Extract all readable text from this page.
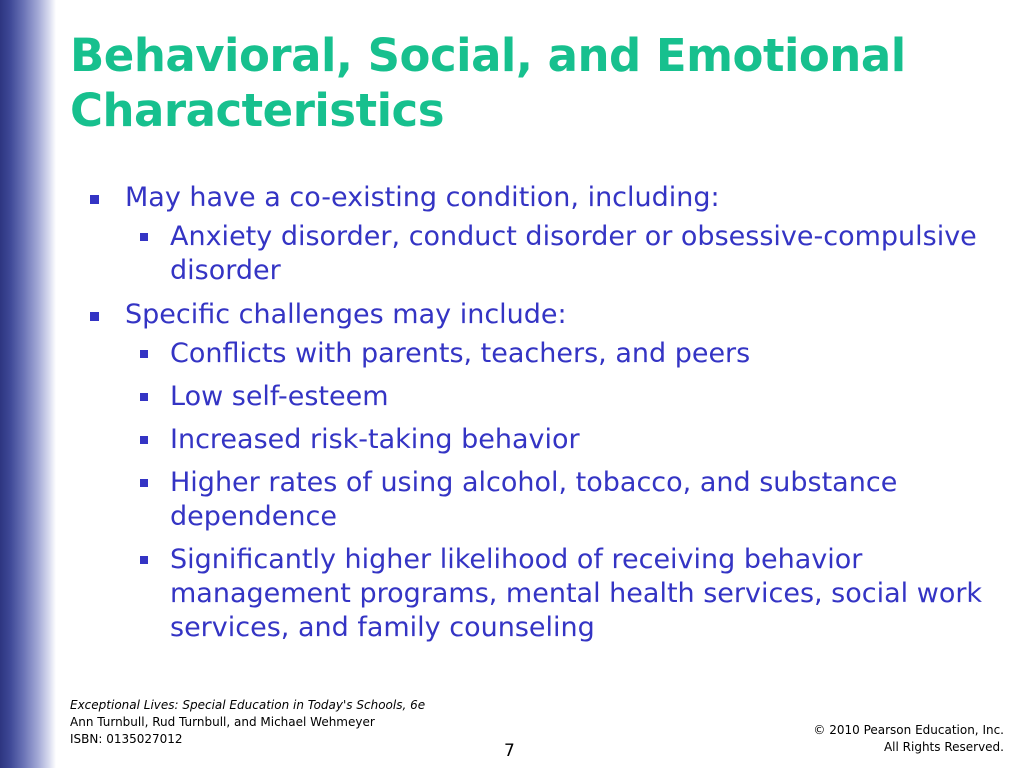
Behavioral, Social, and Emotional Characteristics
May have a co-existing condition, including:
Anxiety disorder, conduct disorder or obsessive-compulsive disorder
Specific challenges may include:
Conflicts with parents, teachers, and peers
Low self-esteem
Increased risk-taking behavior
Higher rates of using alcohol, tobacco, and substance dependence
Significantly higher likelihood of receiving behavior management programs, mental health services, social work services, and family counseling
Exceptional Lives: Special Education in Today's Schools, 6e
Ann Turnbull, Rud Turnbull, and Michael Wehmeyer
ISBN: 0135027012
7
© 2010 Pearson Education, Inc.
All Rights Reserved.
